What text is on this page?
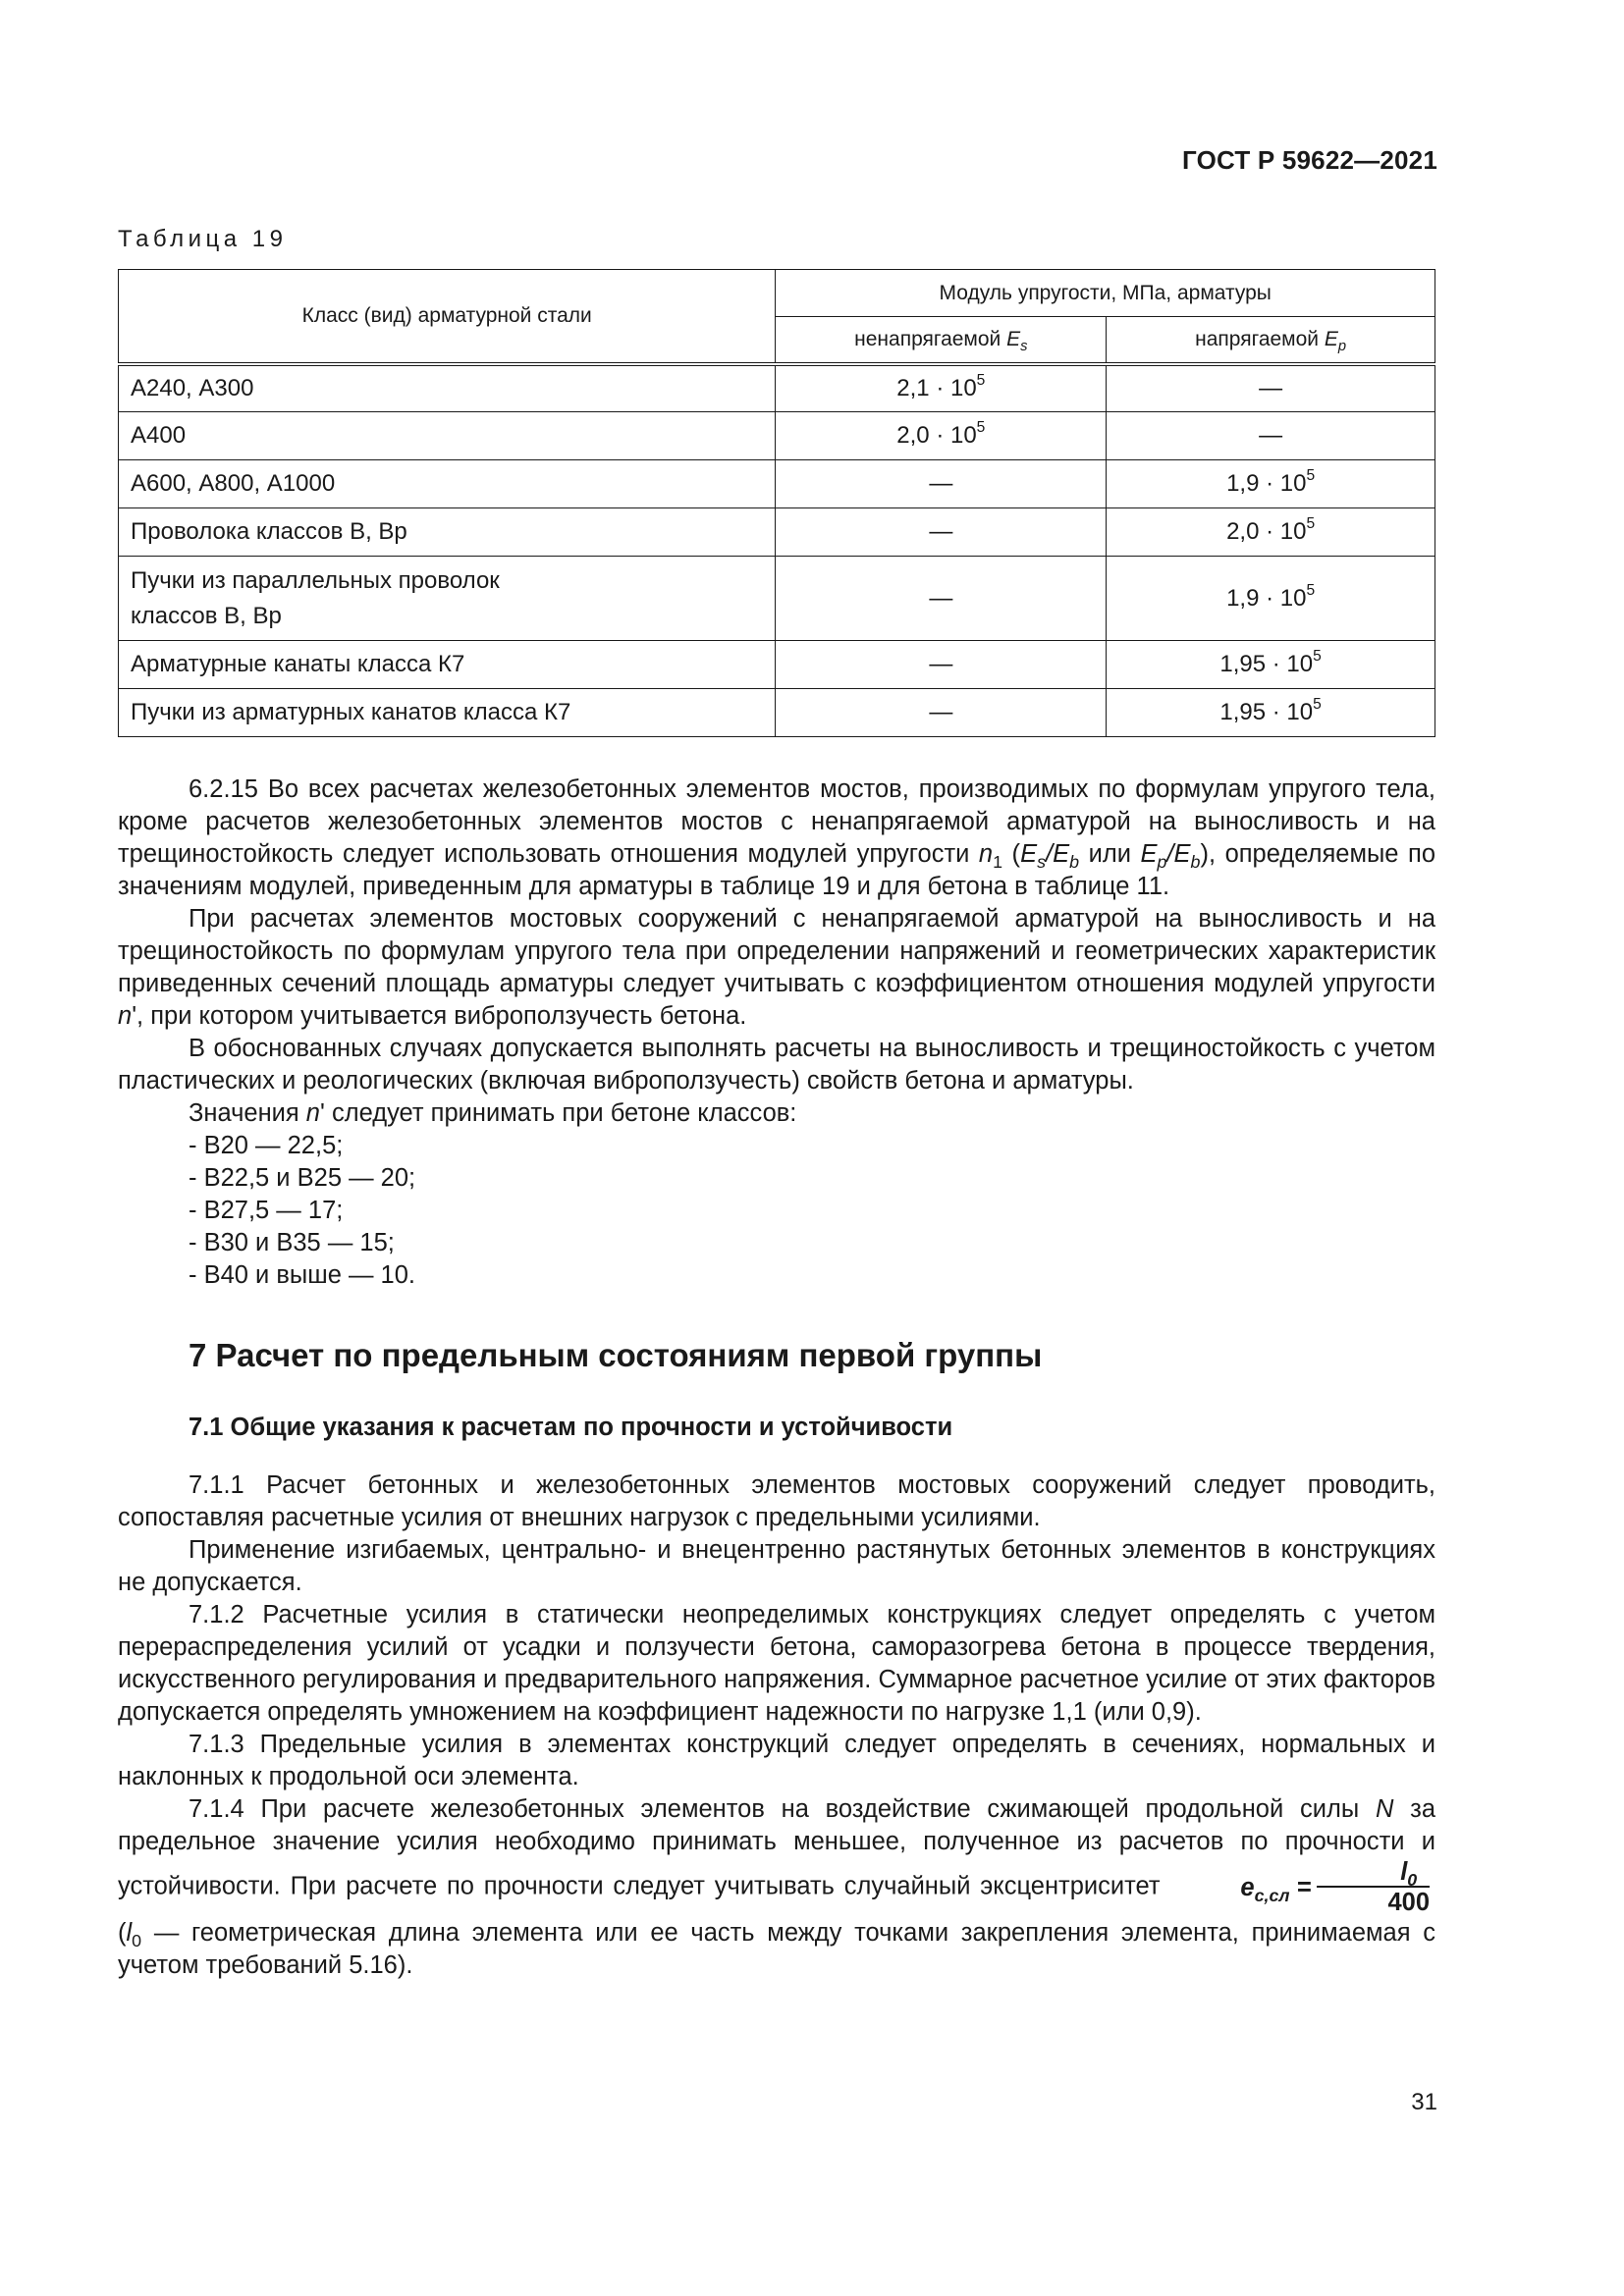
ГОСТ Р 59622—2021
Таблица 19
Класс (вид) арматурной стали	Модуль упругости, МПа, арматуры	
	ненапрягаемой $E_s$	напрягаемой $E_p$
А240, А300	$2,1 \cdot 10^5$	—
А400	$2,0 \cdot 10^5$	—
А600, А800, А1000	—	$1,9 \cdot 10^5$
Проволока классов В, Вр	—	$2,0 \cdot 10^5$
Пучки из параллельных проволок
классов В, Вр	—	$1,9 \cdot 10^5$
Арматурные канаты класса К7	—	$1,95 \cdot 10^5$
Пучки из арматурных канатов класса К7	—	$1,95 \cdot 10^5$

6.2.15 Во всех расчетах железобетонных элементов мостов, производимых по формулам упругого тела, кроме расчетов железобетонных элементов мостов с ненапрягаемой арматурой на выносливость и на трещиностойкость следует использовать отношения модулей упругости $n_1$ ($E_s/E_b$ или $E_p/E_b$), определяемые по значениям модулей, приведенным для арматуры в таблице 19 и для бетона в таблице 11.

При расчетах элементов мостовых сооружений с ненапрягаемой арматурой на выносливость и на трещиностойкость по формулам упругого тела при определении напряжений и геометрических характеристик приведенных сечений площадь арматуры следует учитывать с коэффициентом отношения модулей упругости n', при котором учитывается виброползучесть бетона.

В обоснованных случаях допускается выполнять расчеты на выносливость и трещиностойкость с учетом пластических и реологических (включая виброползучесть) свойств бетона и арматуры.

Значения n' следует принимать при бетоне классов:

- В20 — 22,5;

- В22,5 и В25 — 20;

- В27,5 — 17;

- В30 и В35 — 15;

- В40 и выше — 10.

7 Расчет по предельным состояниям первой группы
7.1 Общие указания к расчетам по прочности и устойчивости

7.1.1 Расчет бетонных и железобетонных элементов мостовых сооружений следует проводить, сопоставляя расчетные усилия от внешних нагрузок с предельными усилиями.

Применение изгибаемых, центрально- и внецентренно растянутых бетонных элементов в конструкциях не допускается.

7.1.2 Расчетные усилия в статически неопределимых конструкциях следует определять с учетом перераспределения усилий от усадки и ползучести бетона, саморазогрева бетона в процессе твердения, искусственного регулирования и предварительного напряжения. Суммарное расчетное усилие от этих факторов допускается определять умножением на коэффициент надежности по нагрузке 1,1 (или 0,9).

7.1.3 Предельные усилия в элементах конструкций следует определять в сечениях, нормальных и наклонных к продольной оси элемента.

7.1.4 При расчете железобетонных элементов на воздействие сжимающей продольной силы N за предельное значение усилия необходимо принимать меньшее, полученное из расчетов по прочности и устойчивости. При расчете по прочности следует учитывать случайный эксцентриситет	$e_{c,сл} = \frac{l_0}{400}$
($l_0$ — геометрическая длина элемента или ее часть между точками закрепления элемента, принимаемая с учетом требований 5.16).

31
